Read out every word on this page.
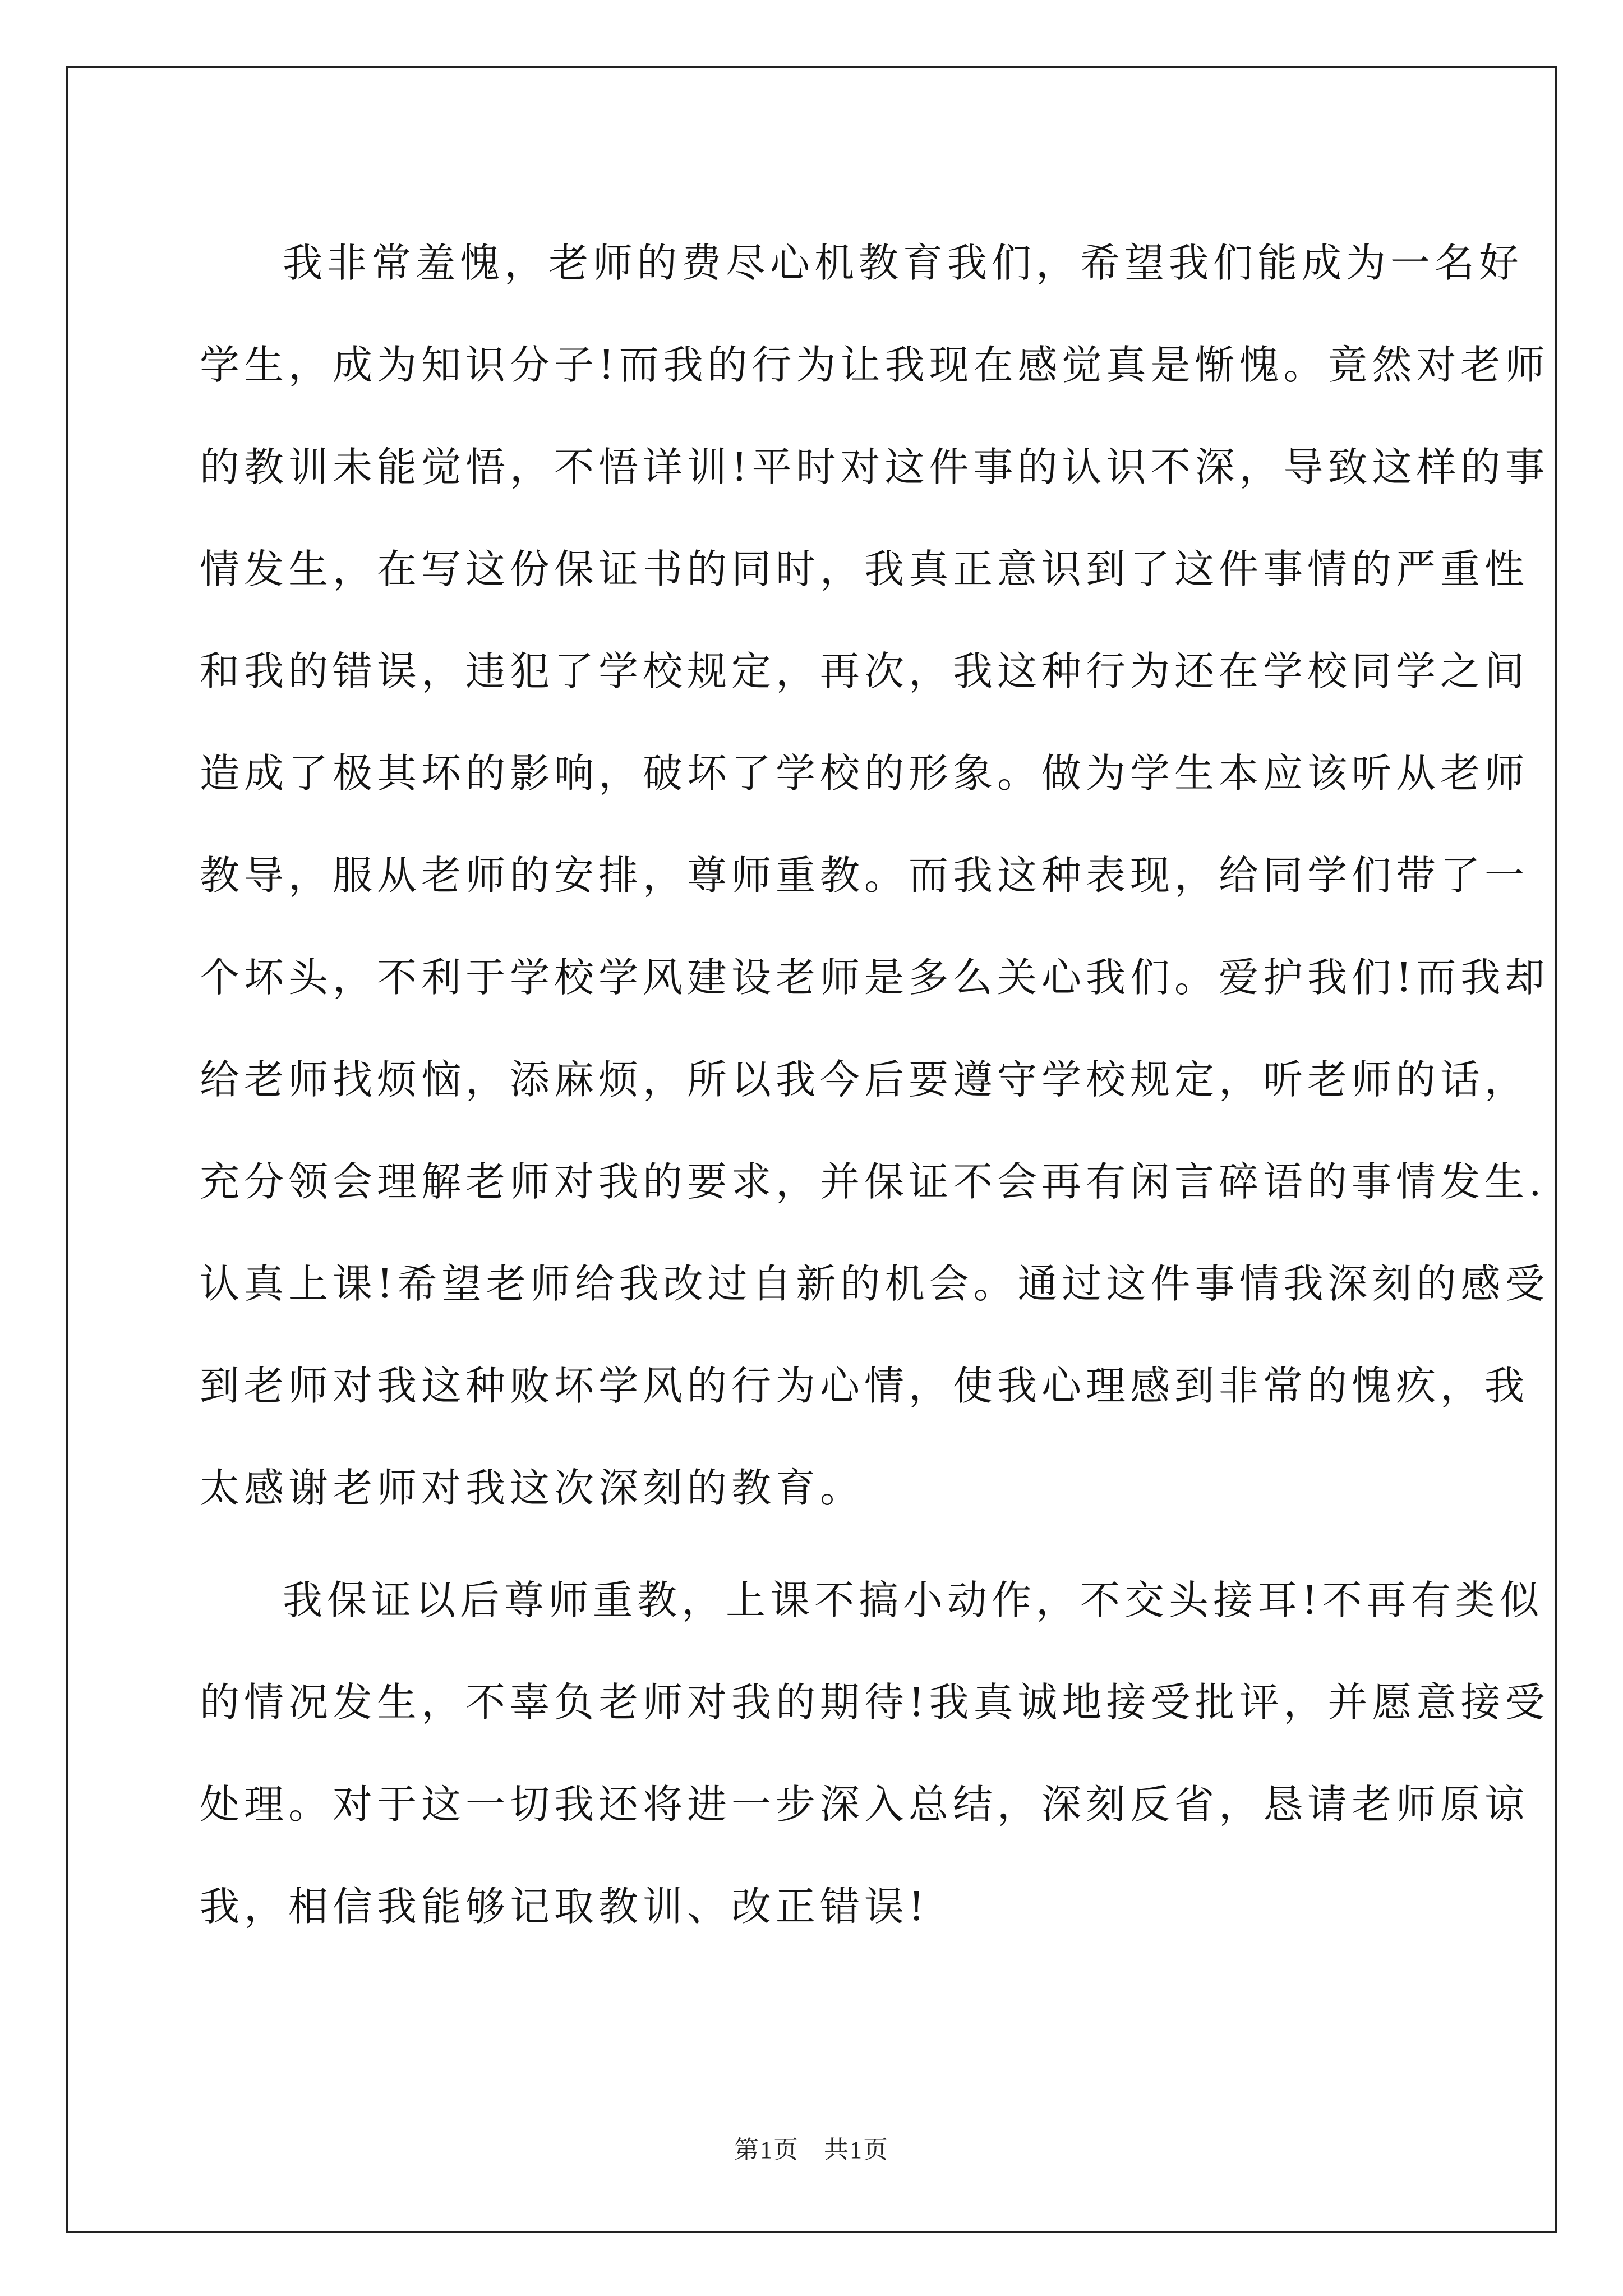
我非常羞愧，老师的费尽心机教育我们，希望我们能成为一名好

学生，成为知识分子!而我的行为让我现在感觉真是惭愧。竟然对老师

的教训未能觉悟，不悟详训!平时对这件事的认识不深，导致这样的事

情发生，在写这份保证书的同时，我真正意识到了这件事情的严重性

和我的错误，违犯了学校规定，再次，我这种行为还在学校同学之间

造成了极其坏的影响，破坏了学校的形象。做为学生本应该听从老师

教导，服从老师的安排，尊师重教。而我这种表现，给同学们带了一

个坏头，不利于学校学风建设老师是多么关心我们。爱护我们!而我却

给老师找烦恼，添麻烦，所以我今后要遵守学校规定，听老师的话，

充分领会理解老师对我的要求，并保证不会再有闲言碎语的事情发生.

认真上课!希望老师给我改过自新的机会。通过这件事情我深刻的感受

到老师对我这种败坏学风的行为心情，使我心理感到非常的愧疚，我

太感谢老师对我这次深刻的教育。

我保证以后尊师重教，上课不搞小动作，不交头接耳!不再有类似

的情况发生，不辜负老师对我的期待!我真诚地接受批评，并愿意接受

处理。对于这一切我还将进一步深入总结，深刻反省，恳请老师原谅

我，相信我能够记取教训、改正错误!

第1页 共1页
